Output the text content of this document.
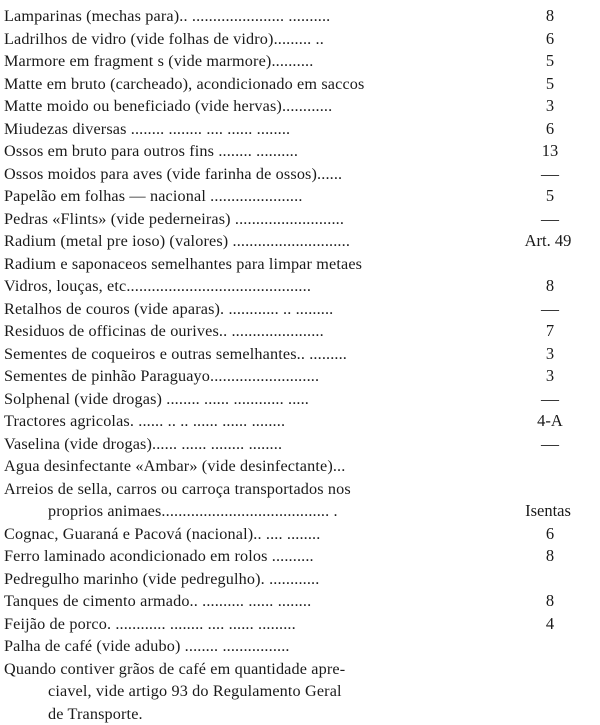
Lamparinas (mechas para).. ...................... ..........	8
Ladrilhos de vidro (vide folhas de vidro)......... ..	6
Marmore em fragment s (vide marmore)..........	5
Matte em bruto (carcheado), acondicionado em saccos	5
Matte moido ou beneficiado (vide hervas)............	3
Miudezas diversas ........ ........ .... ...... ........	6
Ossos em bruto para outros fins ........ ..........	13
Ossos moidos para aves (vide farinha de ossos)......	—
Papelão em folhas — nacional ......................	5
Pedras «Flints» (vide pederneiras) ..........................	—
Radium (metal pre ioso) (valores) ............................	Art. 49
Radium e saponaceos semelhantes para limpar metaes
Vidros, louças, etc............................................	8
Retalhos de couros (vide aparas). ............ .. .........	—
Residuos de officinas de ourives.. ......................	7
Sementes de coqueiros e outras semelhantes.. .........	3
Sementes de pinhão Paraguayo..........................	3
Solphenal (vide drogas) ........ ...... ............ .....	—
Tractores agricolas. ...... .. .. ...... ...... ........	4-A
Vaselina (vide drogas)...... ...... ........ ........	—
Agua desinfectante «Ambar» (vide desinfectante)...
Arreios de sella, carros ou carroça transportados nos
proprios animaes........................................ .	Isentas
Cognac, Guaraná e Pacová (nacional).. .... ........	6
Ferro laminado acondicionado em rolos ..........	8
Pedregulho marinho (vide pedregulho). ............
Tanques de cimento armado.. .......... ...... ........	8
Feijão de porco. ............ ........ .... ...... .........	4
Palha de café (vide adubo) ........ ................
Quando contiver grãos de café em quantidade apre-
ciavel, vide artigo 93 do Regulamento Geral
de Transporte.
